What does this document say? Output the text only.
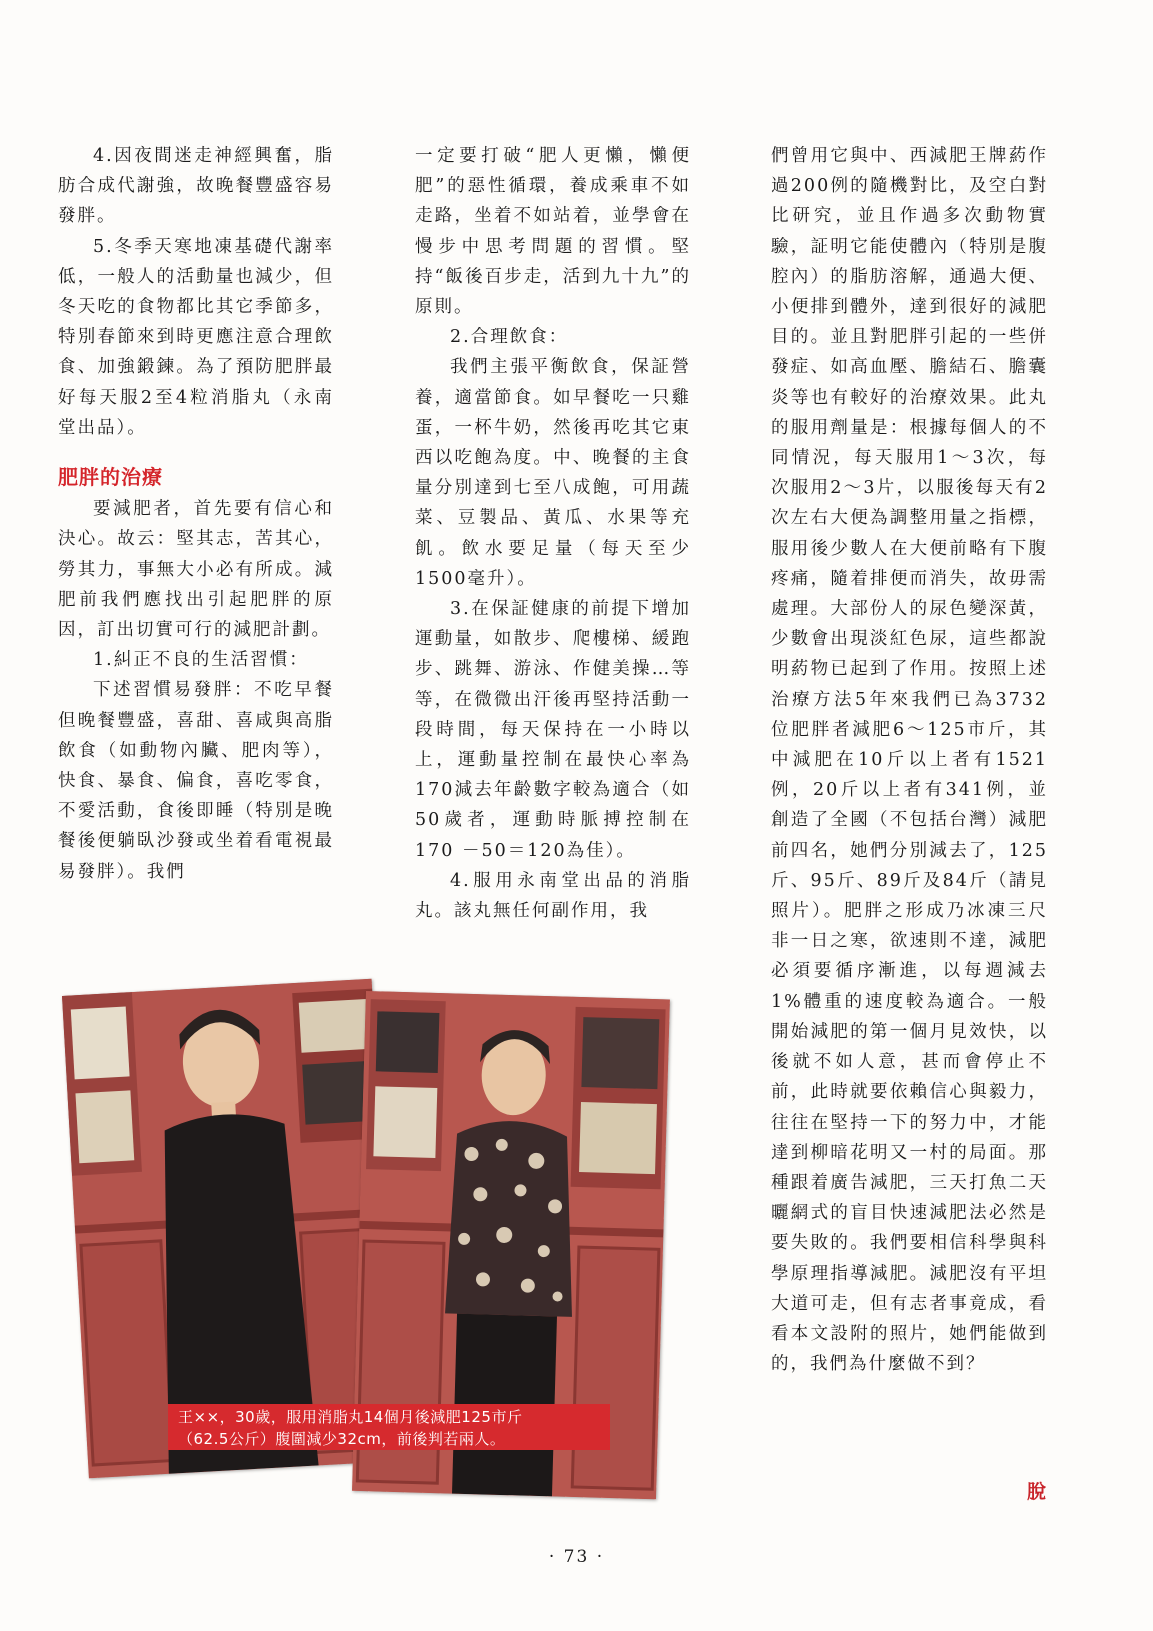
4.因夜間迷走神經興奮，脂肪合成代謝強，故晚餐豐盛容易發胖。

5.冬季天寒地凍基礎代謝率低，一般人的活動量也減少，但冬天吃的食物都比其它季節多，特別春節來到時更應注意合理飲食、加強鍛鍊。為了預防肥胖最好每天服2至4粒消脂丸（永南堂出品）。

肥胖的治療

要減肥者，首先要有信心和決心。故云：堅其志，苦其心，勞其力，事無大小必有所成。減肥前我們應找出引起肥胖的原因，訂出切實可行的減肥計劃。

1.糾正不良的生活習慣：

下述習慣易發胖：不吃早餐但晚餐豐盛，喜甜、喜咸與高脂飲食（如動物內臟、肥肉等），快食、暴食、偏食，喜吃零食，不愛活動，食後即睡（特別是晚餐後便躺臥沙發或坐着看電視最易發胖）。我們

一定要打破“肥人更懶，懶便肥”的惡性循環，養成乘車不如走路，坐着不如站着，並學會在慢步中思考問題的習慣。堅持“飯後百步走，活到九十九”的原則。

2.合理飲食：

我們主張平衡飲食，保証營養，適當節食。如早餐吃一只雞蛋，一杯牛奶，然後再吃其它東西以吃飽為度。中、晚餐的主食量分別達到七至八成飽，可用蔬菜、豆製品、黃瓜、水果等充飢。飲水要足量（每天至少1500毫升）。

3.在保証健康的前提下增加運動量，如散步、爬樓梯、緩跑步、跳舞、游泳、作健美操…等等，在微微出汗後再堅持活動一段時間，每天保持在一小時以上，運動量控制在最快心率為170減去年齡數字較為適合（如50歲者，運動時脈搏控制在170 －50＝120為佳）。

4.服用永南堂出品的消脂丸。該丸無任何副作用，我

們曾用它與中、西減肥王牌葯作過200例的隨機對比，及空白對比研究，並且作過多次動物實驗，証明它能使體內（特別是腹腔內）的脂肪溶解，通過大便、小便排到體外，達到很好的減肥目的。並且對肥胖引起的一些併發症、如高血壓、膽結石、膽囊炎等也有較好的治療效果。此丸的服用劑量是：根據每個人的不同情況，每天服用1～3次，每次服用2～3片，以服後每天有2次左右大便為調整用量之指標，服用後少數人在大便前略有下腹疼痛，隨着排便而消失，故毋需處理。大部份人的尿色變深黃，少數會出現淡紅色尿，這些都說明葯物已起到了作用。按照上述治療方法5年來我們已為3732位肥胖者減肥6～125市斤，其中減肥在10斤以上者有1521例，20斤以上者有341例，並創造了全國（不包括台灣）減肥前四名，她們分別減去了，125斤、95斤、89斤及84斤（請見照片）。肥胖之形成乃冰凍三尺非一日之寒，欲速則不達，減肥必須要循序漸進，以每週減去1%體重的速度較為適合。一般開始減肥的第一個月見效快，以後就不如人意，甚而會停止不前，此時就要依賴信心與毅力，往往在堅持一下的努力中，才能達到柳暗花明又一村的局面。那種跟着廣告減肥，三天打魚二天曬網式的盲目快速減肥法必然是要失敗的。我們要相信科學與科學原理指導減肥。減肥沒有平坦大道可走，但有志者事竟成，看看本文設附的照片，她們能做到的，我們為什麼做不到？

王××，30歲，服用消脂丸14個月後減肥125市斤
（62.5公斤）腹圍減少32cm，前後判若兩人。
脫
· 73 ·
